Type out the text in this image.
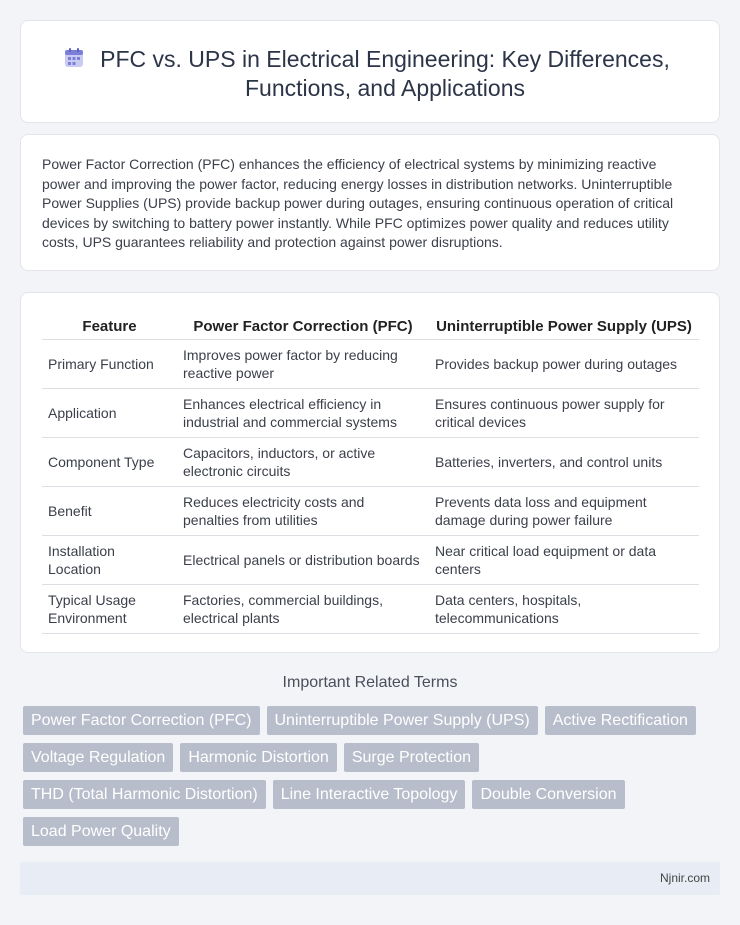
PFC vs. UPS in Electrical Engineering: Key Differences, Functions, and Applications

Power Factor Correction (PFC) enhances the efficiency of electrical systems by minimizing reactive power and improving the power factor, reducing energy losses in distribution networks. Uninterruptible Power Supplies (UPS) provide backup power during outages, ensuring continuous operation of critical devices by switching to battery power instantly. While PFC optimizes power quality and reduces utility costs, UPS guarantees reliability and protection against power disruptions.

Feature	Power Factor Correction (PFC)	Uninterruptible Power Supply (UPS)
Primary Function	Improves power factor by reducing reactive power	Provides backup power during outages
Application	Enhances electrical efficiency in industrial and commercial systems	Ensures continuous power supply for critical devices
Component Type	Capacitors, inductors, or active electronic circuits	Batteries, inverters, and control units
Benefit	Reduces electricity costs and penalties from utilities	Prevents data loss and equipment damage during power failure
Installation Location	Electrical panels or distribution boards	Near critical load equipment or data centers
Typical Usage Environment	Factories, commercial buildings, electrical plants	Data centers, hospitals, telecommunications
Important Related Terms
Power Factor Correction (PFC)	Uninterruptible Power Supply (UPS)	Active Rectification
Voltage Regulation	Harmonic Distortion	Surge Protection
THD (Total Harmonic Distortion)	Line Interactive Topology	Double Conversion
Load Power Quality
Njnir.com
